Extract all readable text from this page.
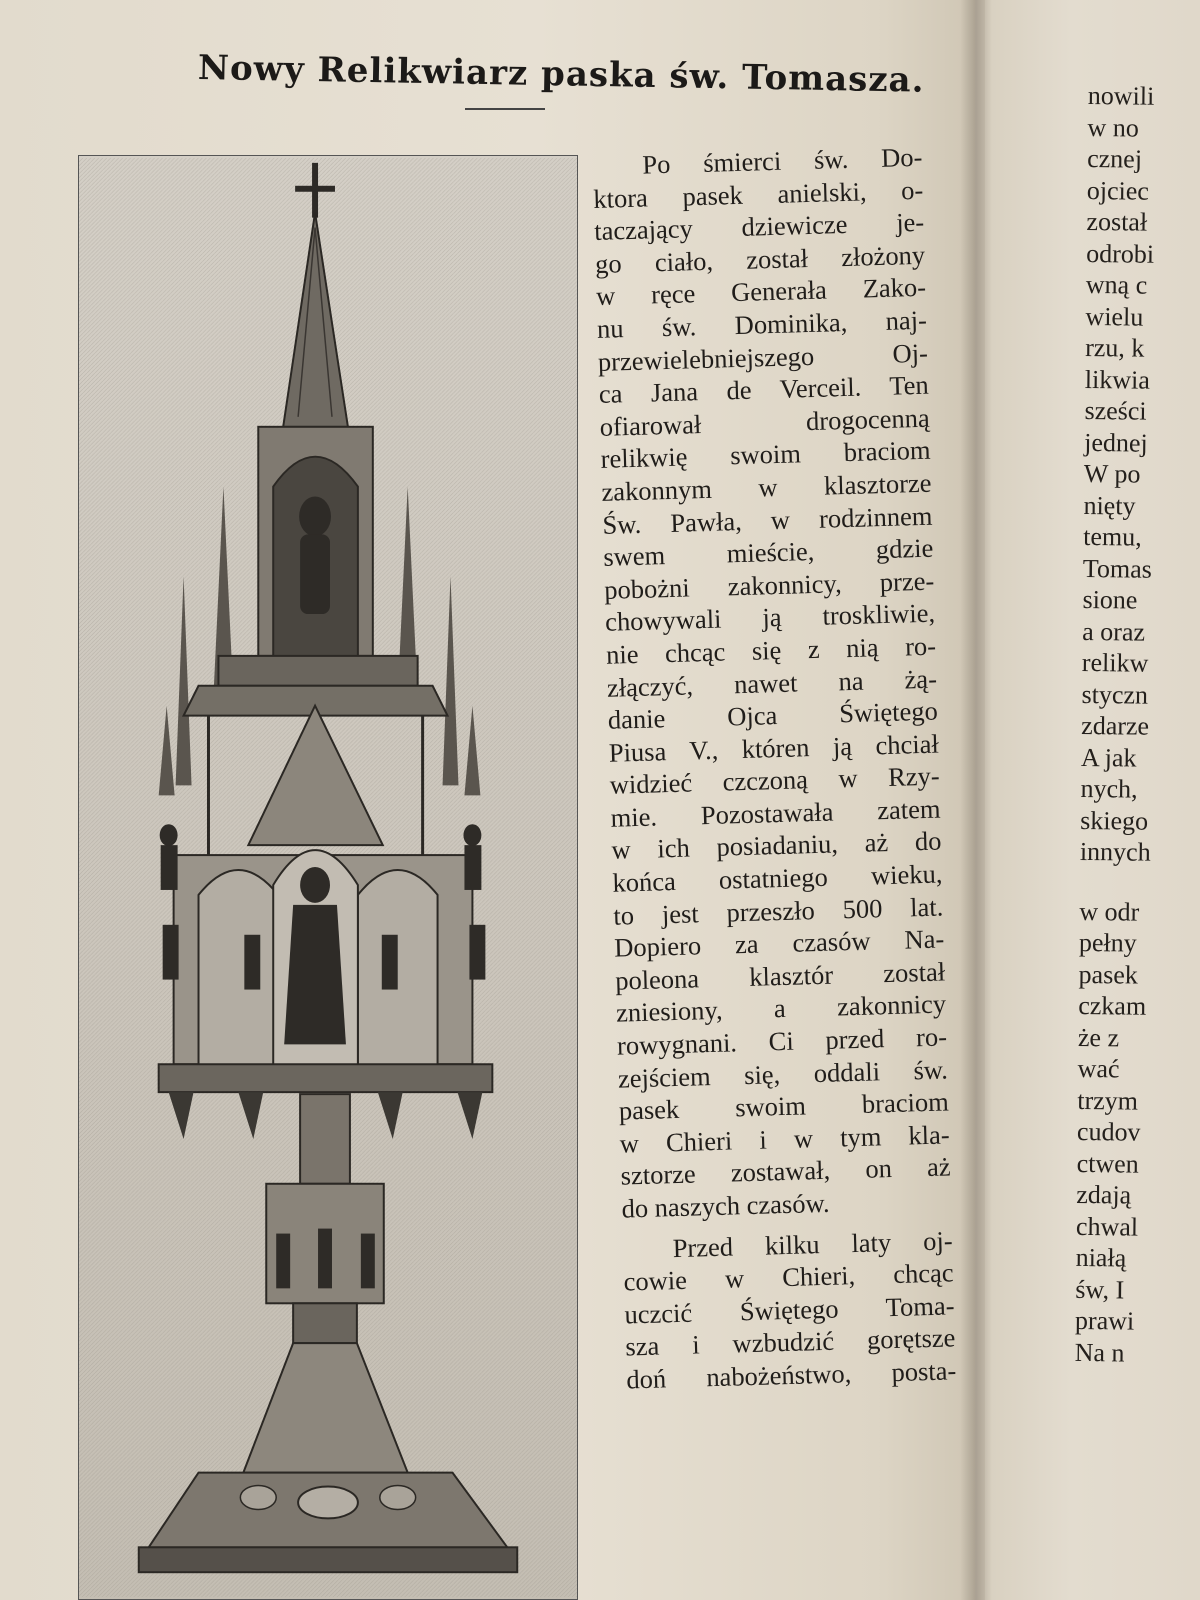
Nowy Relikwiarz paska św. Tomasza.
Po śmierci św. Do-
ktora pasek anielski, o-
taczający dziewicze je-
go ciało, został złożony
w ręce Generała Zako-
nu św. Dominika, naj-
przewielebniejszego Oj-
ca Jana de Verceil. Ten
ofiarował drogocenną
relikwię swoim braciom
zakonnym w klasztorze
Św. Pawła, w rodzinnem
swem mieście, gdzie
pobożni zakonnicy, prze-
chowywali ją troskliwie,
nie chcąc się z nią ro-
złączyć, nawet na żą-
danie Ojca Świętego
Piusa V., któren ją chciał
widzieć czczoną w Rzy-
mie. Pozostawała zatem
w ich posiadaniu, aż do
końca ostatniego wieku,
to jest przeszło 500 lat.
Dopiero za czasów Na-
poleona klasztór został
zniesiony, a zakonnicy
rowygnani. Ci przed ro-
zejściem się, oddali św.
pasek swoim braciom
w Chieri i w tym kla-
sztorze zostawał, on aż
do naszych czasów.
Przed kilku laty oj-
cowie w Chieri, chcąc
uczcić Świętego Toma-
sza i wzbudzić gorętsze
doń nabożeństwo, posta-
nowili
w no
cznej
ojciec
został
odrobi
wną c
wielu
rzu, k
likwia
sześci
jednej
W po
nięty
temu,
Tomas
sione
a oraz
relikw
styczn
zdarze
A jak
nych,
skiego
innych
w odr
pełny
pasek
czkam
że z
wać
trzym
cudov
ctwen
zdają
chwal
niałą
św, I
prawi
Na n
